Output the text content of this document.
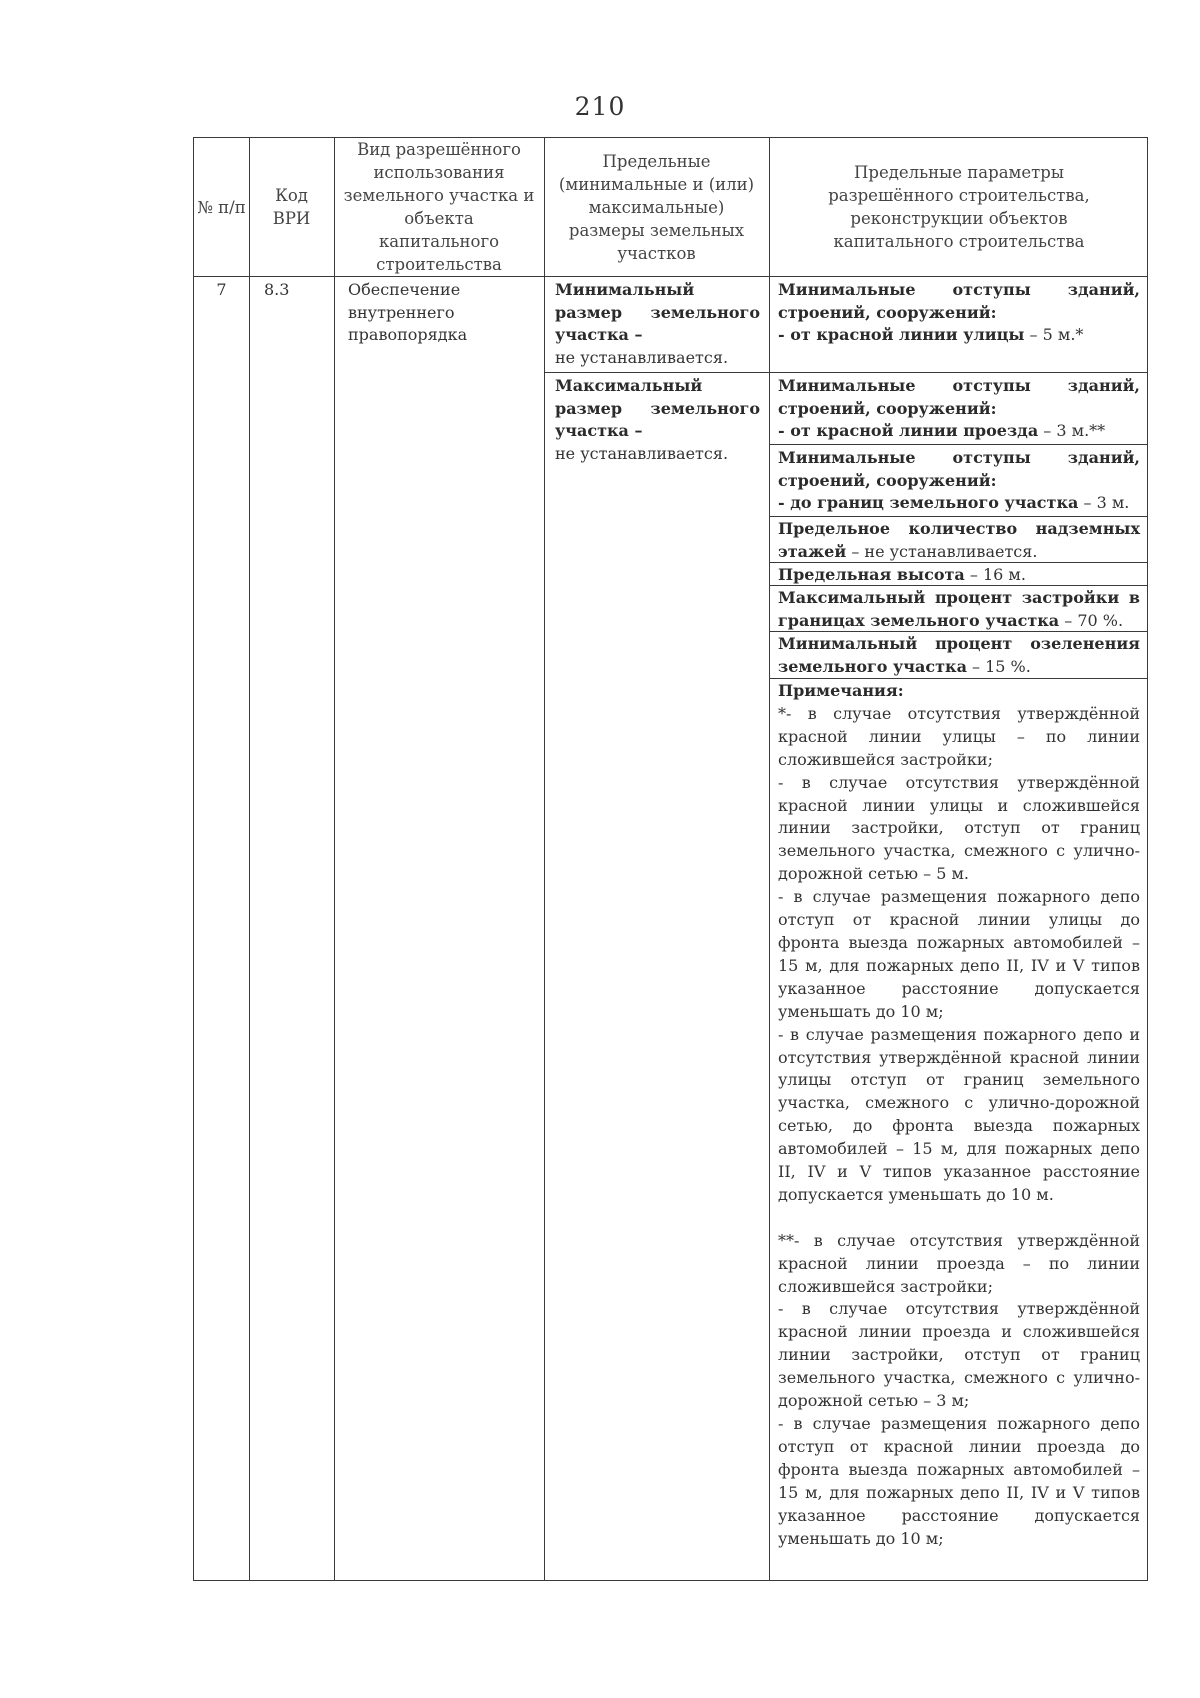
210
№ п/п
Код ВРИ
Вид разрешённого использования земельного участка и объекта капитального строительства
Предельные (минимальные и (или) максимальные) размеры земельных участков
Предельные параметры разрешённого строительства, реконструкции объектов капитального строительства
7	8.3	Обеспечение внутреннего правопорядка
Минимальный размер земельного участка –
не устанавливается.
Максимальный размер земельного участка –
не устанавливается.
Минимальные отступы зданий, строений, сооружений:
- от красной линии улицы – 5 м.*
Минимальные отступы зданий, строений, сооружений:
- от красной линии проезда – 3 м.**
Минимальные отступы зданий, строений, сооружений:
- до границ земельного участка – 3 м.
Предельное количество надземных этажей – не устанавливается.
Предельная высота – 16 м.
Максимальный процент застройки в границах земельного участка – 70 %.
Минимальный процент озеленения земельного участка – 15 %.
Примечания:
*- в случае отсутствия утверждённой красной линии улицы – по линии сложившейся застройки;
- в случае отсутствия утверждённой красной линии улицы и сложившейся линии застройки, отступ от границ земельного участка, смежного с улично-дорожной сетью – 5 м.
- в случае размещения пожарного депо отступ от красной линии улицы до фронта выезда пожарных автомобилей – 15 м, для пожарных депо II, IV и V типов указанное расстояние допускается уменьшать до 10 м;
- в случае размещения пожарного депо и отсутствия утверждённой красной линии улицы отступ от границ земельного участка, смежного с улично-дорожной сетью, до фронта выезда пожарных автомобилей – 15 м, для пожарных депо II, IV и V типов указанное расстояние допускается уменьшать до 10 м.
**- в случае отсутствия утверждённой красной линии проезда – по линии сложившейся застройки;
- в случае отсутствия утверждённой красной линии проезда и сложившейся линии застройки, отступ от границ земельного участка, смежного с улично-дорожной сетью – 3 м;
- в случае размещения пожарного депо отступ от красной линии проезда до фронта выезда пожарных автомобилей – 15 м, для пожарных депо II, IV и V типов указанное расстояние допускается уменьшать до 10 м;
